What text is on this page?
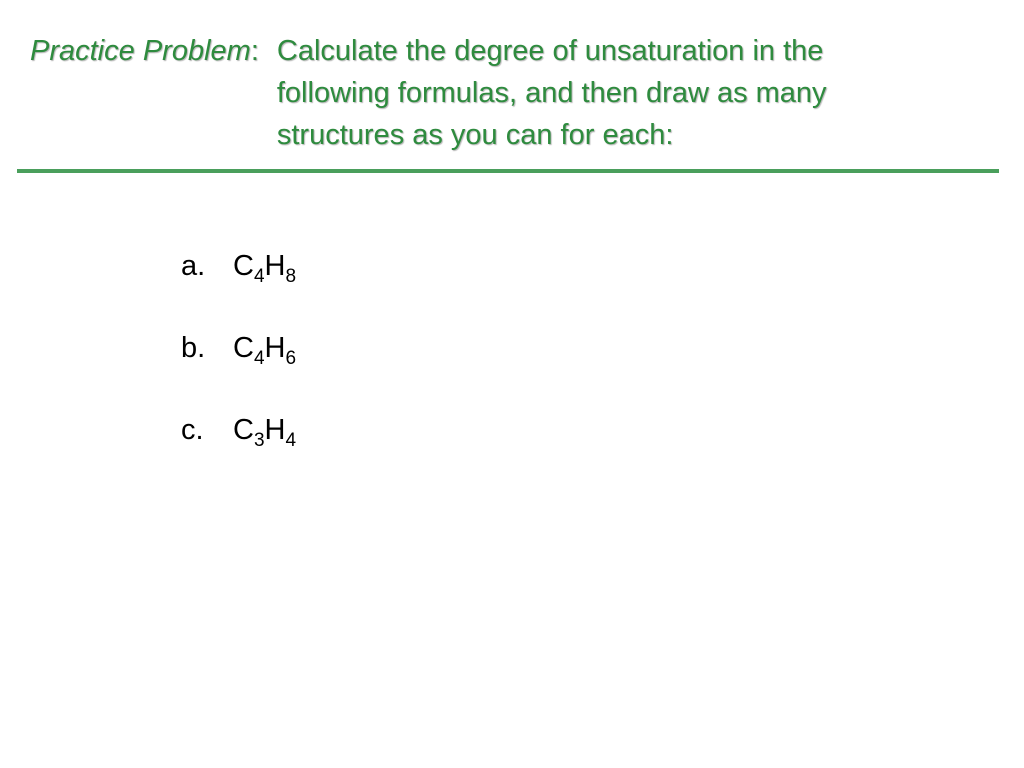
Practice Problem: Calculate the degree of unsaturation in the
following formulas, and then draw as many
structures as you can for each:
a. $C_4H_8$
b. $C_4H_6$
c.	$C_3H_4$
